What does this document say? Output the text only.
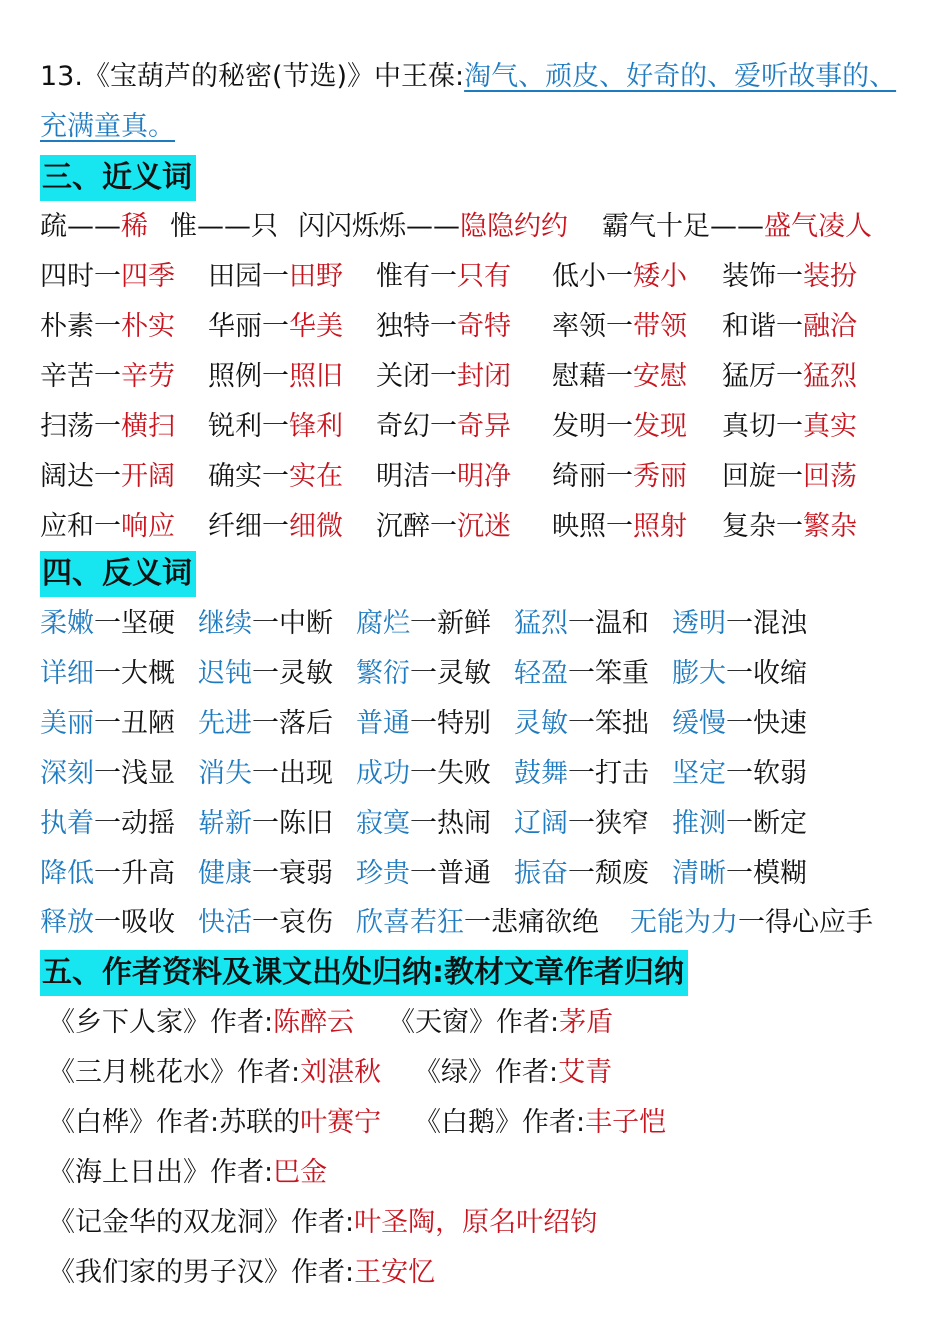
13.《宝葫芦的秘密(节选)》中王葆:淘气、顽皮、好奇的、爱听故事的、
充满童真。
三、近义词
疏——稀 惟——只 闪闪烁烁——隐隐约约 霸气十足——盛气凌人
四时一四季 田园一田野 惟有一只有 低小一矮小 装饰一装扮
朴素一朴实 华丽一华美 独特一奇特 率领一带领 和谐一融洽
辛苦一辛劳 照例一照旧 关闭一封闭 慰藉一安慰 猛厉一猛烈
扫荡一横扫 锐利一锋利 奇幻一奇异 发明一发现 真切一真实
阔达一开阔 确实一实在 明洁一明净 绮丽一秀丽 回旋一回荡
应和一响应 纤细一细微 沉醉一沉迷 映照一照射 复杂一繁杂
四、反义词
柔嫩一坚硬 继续一中断 腐烂一新鲜 猛烈一温和 透明一混浊
详细一大概 迟钝一灵敏 繁衍一灵敏 轻盈一笨重 膨大一收缩
美丽一丑陋 先进一落后 普通一特别 灵敏一笨拙 缓慢一快速
深刻一浅显 消失一出现 成功一失败 鼓舞一打击 坚定一软弱
执着一动摇 崭新一陈旧 寂寞一热闹 辽阔一狭窄 推测一断定
降低一升高 健康一衰弱 珍贵一普通 振奋一颓废 清晰一模糊
释放一吸收 快活一哀伤 欣喜若狂一悲痛欲绝 无能为力一得心应手
五、作者资料及课文出处归纳:教材文章作者归纳
《乡下人家》作者:陈醉云 《天窗》作者:茅盾
《三月桃花水》作者:刘湛秋 《绿》作者:艾青
《白桦》作者:苏联的叶赛宁 《白鹅》作者:丰子恺
《海上日出》作者:巴金
《记金华的双龙洞》作者:叶圣陶，原名叶绍钧
《我们家的男子汉》作者:王安忆
